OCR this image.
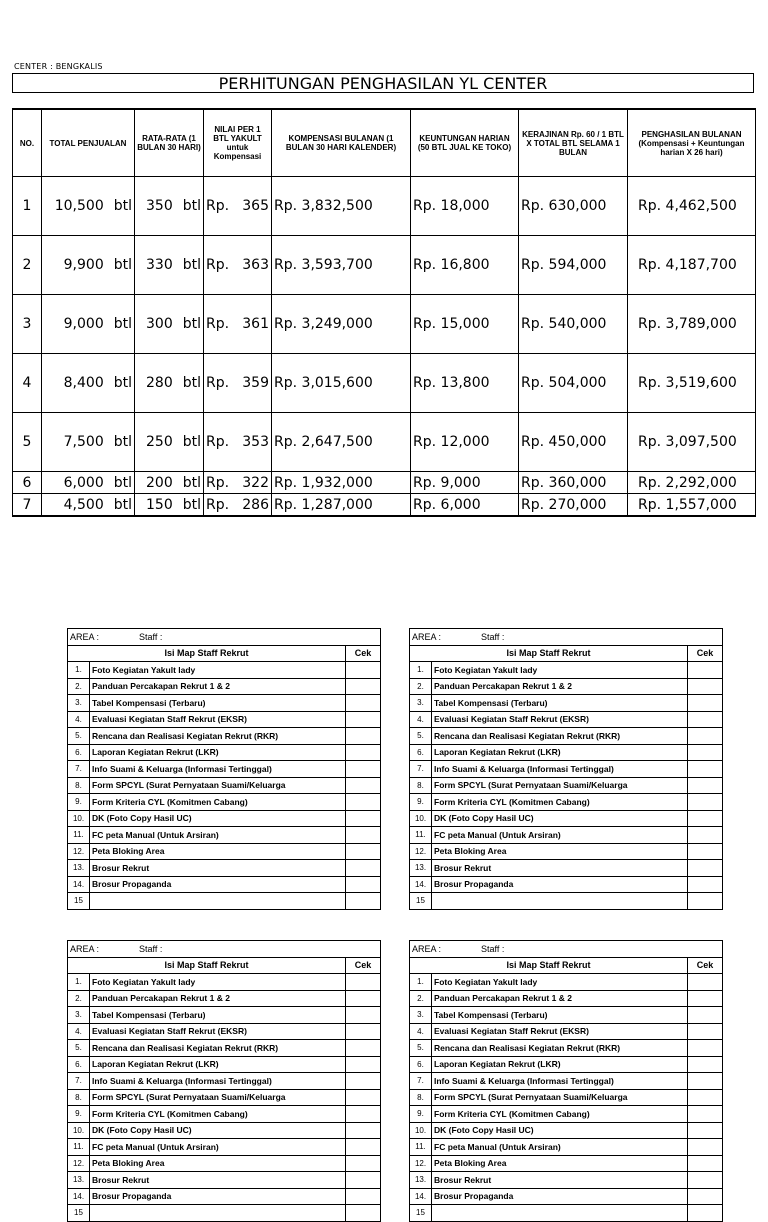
CENTER : BENGKALIS
PERHITUNGAN PENGHASILAN YL CENTER
NO.	TOTAL PENJUALAN	RATA-RATA (1 BULAN 30 HARI)	NILAI PER 1 BTL YAKULT untuk Kompensasi	KOMPENSASI BULANAN (1 BULAN 30 HARI KALENDER)	KEUNTUNGAN HARIAN (50 BTL JUAL KE TOKO)	KERAJINAN Rp. 60 / 1 BTL X TOTAL BTL SELAMA 1 BULAN	PENGHASILAN BULANAN (Kompensasi + Keuntungan harian X 26 hari)
1	10,500 btl	350 btl	Rp. 365	Rp. 3,832,500	Rp. 18,000	Rp. 630,000	Rp. 4,462,500
2	9,900 btl	330 btl	Rp. 363	Rp. 3,593,700	Rp. 16,800	Rp. 594,000	Rp. 4,187,700
3	9,000 btl	300 btl	Rp. 361	Rp. 3,249,000	Rp. 15,000	Rp. 540,000	Rp. 3,789,000
4	8,400 btl	280 btl	Rp. 359	Rp. 3,015,600	Rp. 13,800	Rp. 504,000	Rp. 3,519,600
5	7,500 btl	250 btl	Rp. 353	Rp. 2,647,500	Rp. 12,000	Rp. 450,000	Rp. 3,097,500
6	6,000 btl	200 btl	Rp. 322	Rp. 1,932,000	Rp. 9,000	Rp. 360,000	Rp. 2,292,000
7	4,500 btl	150 btl	Rp. 286	Rp. 1,287,000	Rp. 6,000	Rp. 270,000	Rp. 1,557,000
AREA : Staff :		
Isi Map Staff Rekrut		Cek
1.	Foto Kegiatan Yakult lady	
2.	Panduan Percakapan Rekrut 1 & 2	
3.	Tabel Kompensasi (Terbaru)	
4.	Evaluasi Kegiatan Staff Rekrut (EKSR)	
5.	Rencana dan Realisasi Kegiatan Rekrut (RKR)	
6.	Laporan Kegiatan Rekrut (LKR)	
7.	Info Suami & Keluarga (Informasi Tertinggal)	
8.	Form SPCYL (Surat Pernyataan Suami/Keluarga	
9.	Form Kriteria CYL (Komitmen Cabang)	
10.	DK (Foto Copy Hasil UC)	
11.	FC peta Manual (Untuk Arsiran)	
12.	Peta Bloking Area	
13.	Brosur Rekrut	
14.	Brosur Propaganda	
15		
AREA : Staff :		
Isi Map Staff Rekrut		Cek
1.	Foto Kegiatan Yakult lady	
2.	Panduan Percakapan Rekrut 1 & 2	
3.	Tabel Kompensasi (Terbaru)	
4.	Evaluasi Kegiatan Staff Rekrut (EKSR)	
5.	Rencana dan Realisasi Kegiatan Rekrut (RKR)	
6.	Laporan Kegiatan Rekrut (LKR)	
7.	Info Suami & Keluarga (Informasi Tertinggal)	
8.	Form SPCYL (Surat Pernyataan Suami/Keluarga	
9.	Form Kriteria CYL (Komitmen Cabang)	
10.	DK (Foto Copy Hasil UC)	
11.	FC peta Manual (Untuk Arsiran)	
12.	Peta Bloking Area	
13.	Brosur Rekrut	
14.	Brosur Propaganda	
15		
AREA : Staff :		
Isi Map Staff Rekrut		Cek
1.	Foto Kegiatan Yakult lady	
2.	Panduan Percakapan Rekrut 1 & 2	
3.	Tabel Kompensasi (Terbaru)	
4.	Evaluasi Kegiatan Staff Rekrut (EKSR)	
5.	Rencana dan Realisasi Kegiatan Rekrut (RKR)	
6.	Laporan Kegiatan Rekrut (LKR)	
7.	Info Suami & Keluarga (Informasi Tertinggal)	
8.	Form SPCYL (Surat Pernyataan Suami/Keluarga	
9.	Form Kriteria CYL (Komitmen Cabang)	
10.	DK (Foto Copy Hasil UC)	
11.	FC peta Manual (Untuk Arsiran)	
12.	Peta Bloking Area	
13.	Brosur Rekrut	
14.	Brosur Propaganda	
15		
AREA : Staff :		
Isi Map Staff Rekrut		Cek
1.	Foto Kegiatan Yakult lady	
2.	Panduan Percakapan Rekrut 1 & 2	
3.	Tabel Kompensasi (Terbaru)	
4.	Evaluasi Kegiatan Staff Rekrut (EKSR)	
5.	Rencana dan Realisasi Kegiatan Rekrut (RKR)	
6.	Laporan Kegiatan Rekrut (LKR)	
7.	Info Suami & Keluarga (Informasi Tertinggal)	
8.	Form SPCYL (Surat Pernyataan Suami/Keluarga	
9.	Form Kriteria CYL (Komitmen Cabang)	
10.	DK (Foto Copy Hasil UC)	
11.	FC peta Manual (Untuk Arsiran)	
12.	Peta Bloking Area	
13.	Brosur Rekrut	
14.	Brosur Propaganda	
15		
